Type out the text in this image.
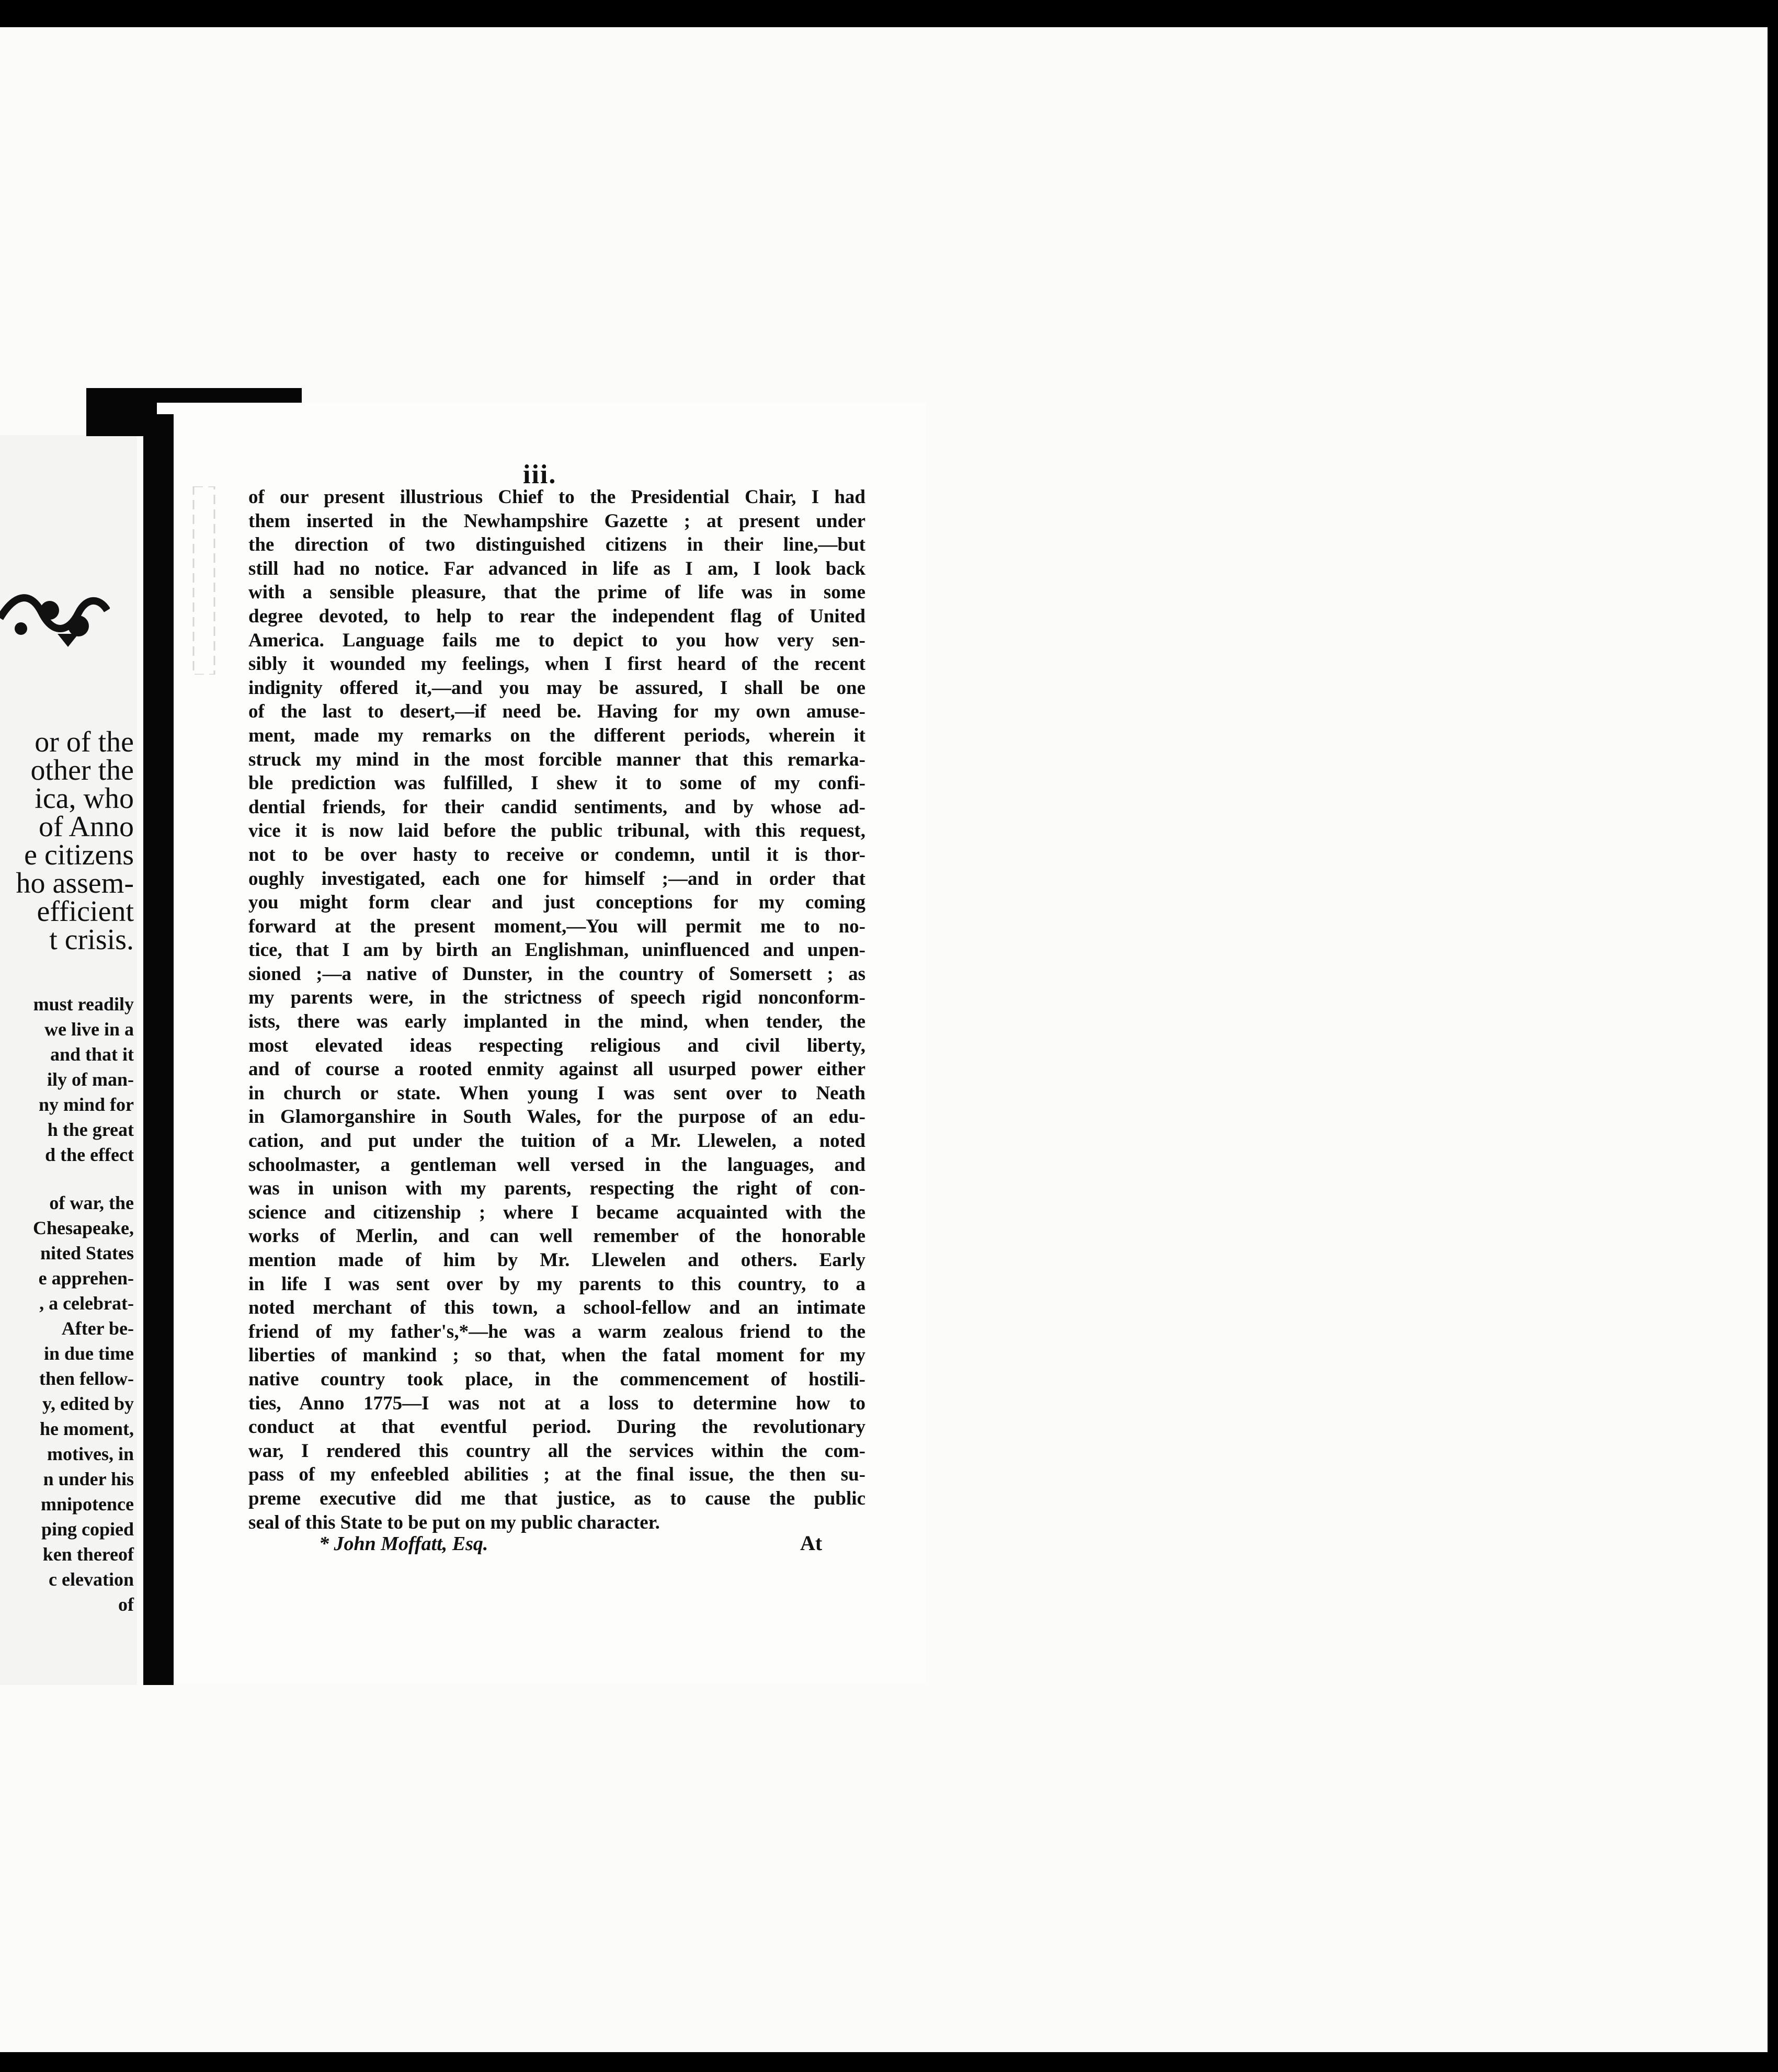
or of the
other the
ica, who
of Anno
e citizens
ho assem-
efficient
t crisis.
must readily
we live in a
and that it
ily of man-
ny mind for
h the great
d the effect
of war, the
Chesapeake,
nited States
e apprehen-
, a celebrat-
After be-
in due time
then fellow-
y, edited by
he moment,
motives, in
n under his
mnipotence
ping copied
ken thereof
c elevation
of
iii.
of our present illustrious Chief to the Presidential Chair, I had
them inserted in the Newhampshire Gazette ; at present under
the direction of two distinguished citizens in their line,—but
still had no notice. Far advanced in life as I am, I look back
with a sensible pleasure, that the prime of life was in some
degree devoted, to help to rear the independent flag of United
America. Language fails me to depict to you how very sen-
sibly it wounded my feelings, when I first heard of the recent
indignity offered it,—and you may be assured, I shall be one
of the last to desert,—if need be. Having for my own amuse-
ment, made my remarks on the different periods, wherein it
struck my mind in the most forcible manner that this remarka-
ble prediction was fulfilled, I shew it to some of my confi-
dential friends, for their candid sentiments, and by whose ad-
vice it is now laid before the public tribunal, with this request,
not to be over hasty to receive or condemn, until it is thor-
oughly investigated, each one for himself ;—and in order that
you might form clear and just conceptions for my coming
forward at the present moment,—You will permit me to no-
tice, that I am by birth an Englishman, uninfluenced and unpen-
sioned ;—a native of Dunster, in the country of Somersett ; as
my parents were, in the strictness of speech rigid nonconform-
ists, there was early implanted in the mind, when tender, the
most elevated ideas respecting religious and civil liberty,
and of course a rooted enmity against all usurped power either
in church or state. When young I was sent over to Neath
in Glamorganshire in South Wales, for the purpose of an edu-
cation, and put under the tuition of a Mr. Llewelen, a noted
schoolmaster, a gentleman well versed in the languages, and
was in unison with my parents, respecting the right of con-
science and citizenship ; where I became acquainted with the
works of Merlin, and can well remember of the honorable
mention made of him by Mr. Llewelen and others. Early
in life I was sent over by my parents to this country, to a
noted merchant of this town, a school-fellow and an intimate
friend of my father's,*—he was a warm zealous friend to the
liberties of mankind ; so that, when the fatal moment for my
native country took place, in the commencement of hostili-
ties, Anno 1775—I was not at a loss to determine how to
conduct at that eventful period. During the revolutionary
war, I rendered this country all the services within the com-
pass of my enfeebled abilities ; at the final issue, the then su-
preme executive did me that justice, as to cause the public
seal of this State to be put on my public character.
* John Moffatt, Esq.	At
